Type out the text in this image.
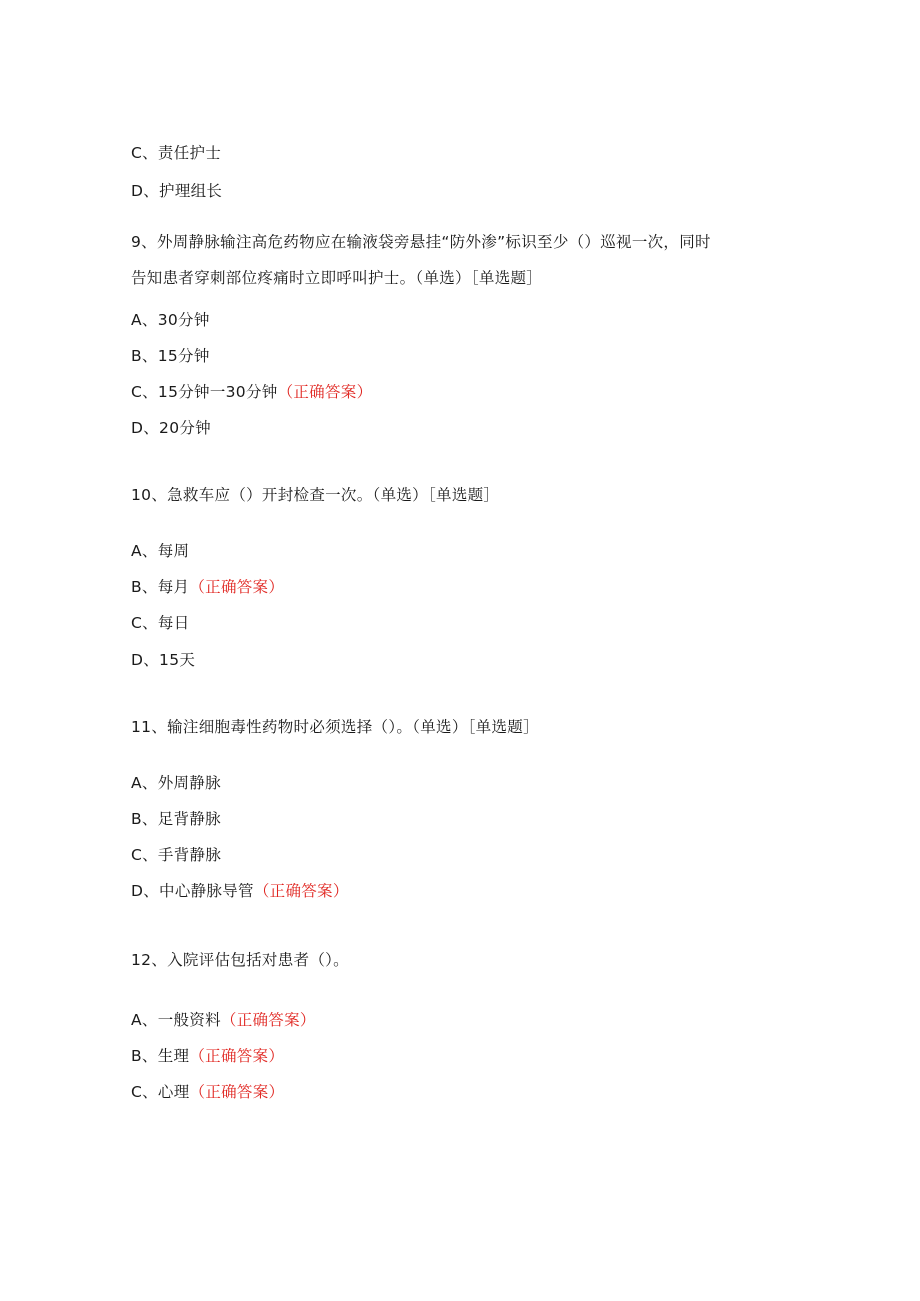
C、责任护士
D、护理组长
9、外周静脉输注高危药物应在输液袋旁悬挂“防外渗”标识至少（）巡视一次，同时
告知患者穿刺部位疼痛时立即呼叫护士。（单选）［单选题］
A、30分钟
B、15分钟
C、15分钟一30分钟（正确答案）
D、20分钟
10、急救车应（）开封检查一次。（单选）［单选题］
A、每周
B、每月（正确答案）
C、每日
D、15天
11、输注细胞毒性药物时必须选择（）。（单选）［单选题］
A、外周静脉
B、足背静脉
C、手背静脉
D、中心静脉导管（正确答案）
12、入院评估包括对患者（）。
A、一般资料（正确答案）
B、生理（正确答案）
C、心理（正确答案）
